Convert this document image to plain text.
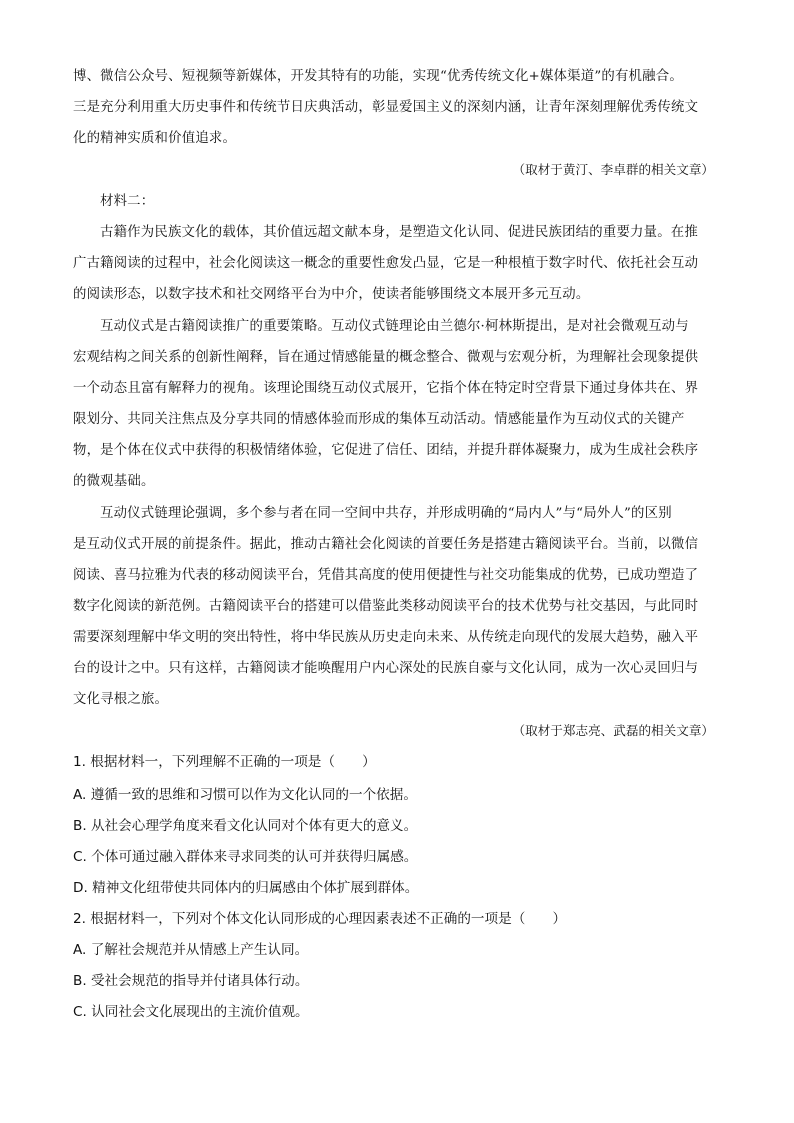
博、微信公众号、短视频等新媒体，开发其特有的功能，实现“优秀传统文化+媒体渠道”的有机融合。
三是充分利用重大历史事件和传统节日庆典活动，彰显爱国主义的深刻内涵，让青年深刻理解优秀传统文
化的精神实质和价值追求。
（取材于黄汀、李卓群的相关文章）
材料二：
古籍作为民族文化的载体，其价值远超文献本身，是塑造文化认同、促进民族团结的重要力量。在推
广古籍阅读的过程中，社会化阅读这一概念的重要性愈发凸显，它是一种根植于数字时代、依托社会互动
的阅读形态，以数字技术和社交网络平台为中介，使读者能够围绕文本展开多元互动。
互动仪式是古籍阅读推广的重要策略。互动仪式链理论由兰德尔·柯林斯提出，是对社会微观互动与
宏观结构之间关系的创新性阐释，旨在通过情感能量的概念整合、微观与宏观分析，为理解社会现象提供
一个动态且富有解释力的视角。该理论围绕互动仪式展开，它指个体在特定时空背景下通过身体共在、界
限划分、共同关注焦点及分享共同的情感体验而形成的集体互动活动。情感能量作为互动仪式的关键产
物，是个体在仪式中获得的积极情绪体验，它促进了信任、团结，并提升群体凝聚力，成为生成社会秩序
的微观基础。
互动仪式链理论强调，多个参与者在同一空间中共存，并形成明确的“局内人”与“局外人”的区别
是互动仪式开展的前提条件。据此，推动古籍社会化阅读的首要任务是搭建古籍阅读平台。当前，以微信
阅读、喜马拉雅为代表的移动阅读平台，凭借其高度的使用便捷性与社交功能集成的优势，已成功塑造了
数字化阅读的新范例。古籍阅读平台的搭建可以借鉴此类移动阅读平台的技术优势与社交基因，与此同时
需要深刻理解中华文明的突出特性，将中华民族从历史走向未来、从传统走向现代的发展大趋势，融入平
台的设计之中。只有这样，古籍阅读才能唤醒用户内心深处的民族自豪与文化认同，成为一次心灵回归与
文化寻根之旅。
（取材于郑志亮、武磊的相关文章）
1. 根据材料一，下列理解不正确的一项是（　　）
A. 遵循一致的思维和习惯可以作为文化认同的一个依据。
B. 从社会心理学角度来看文化认同对个体有更大的意义。
C. 个体可通过融入群体来寻求同类的认可并获得归属感。
D. 精神文化纽带使共同体内的归属感由个体扩展到群体。
2. 根据材料一，下列对个体文化认同形成的心理因素表述不正确的一项是（　　）
A. 了解社会规范并从情感上产生认同。
B. 受社会规范的指导并付诸具体行动。
C. 认同社会文化展现出的主流价值观。
